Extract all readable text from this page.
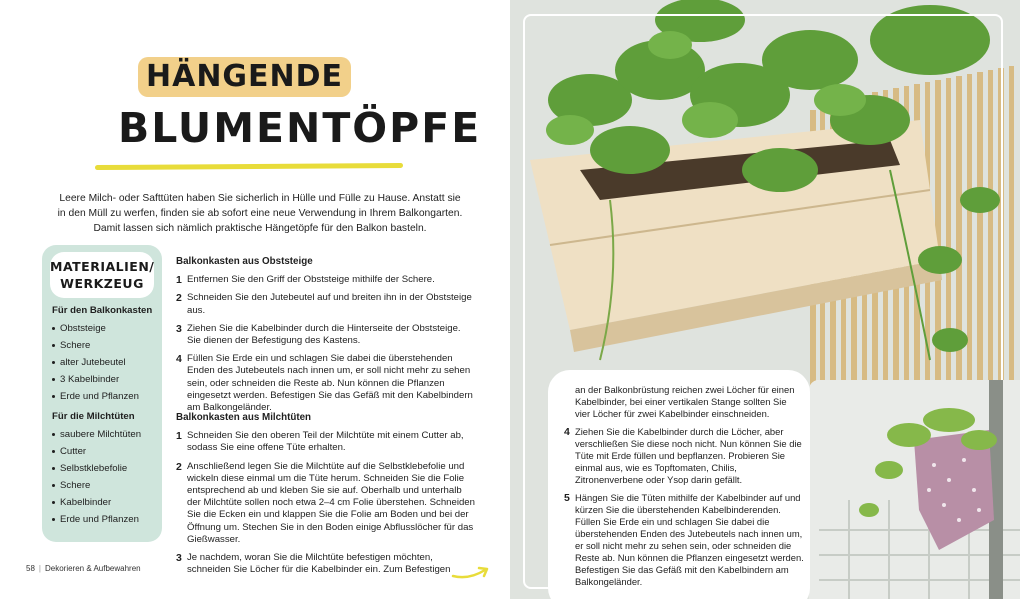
HÄNGENDE
BLUMENTÖPFE
Leere Milch- oder Safttüten haben Sie sicherlich in Hülle und Fülle zu Hause. Anstatt sie in den Müll zu werfen, finden sie ab sofort eine neue Verwendung in Ihrem Balkongarten. Damit lassen sich nämlich praktische Hängetöpfe für den Balkon basteln.
MATERIALIEN/
WERKZEUG
Für den Balkonkasten
Obststeige
Schere
alter Jutebeutel
3 Kabelbinder
Erde und Pflanzen
Für die Milchtüten
saubere Milchtüten
Cutter
Selbstklebefolie
Schere
Kabelbinder
Erde und Pflanzen
Balkonkasten aus Obststeige
1 Entfernen Sie den Griff der Obststeige mithilfe der Schere.
2 Schneiden Sie den Jutebeutel auf und breiten ihn in der Obststeige aus.
3 Ziehen Sie die Kabelbinder durch die Hinterseite der Obststeige. Sie dienen der Befestigung des Kastens.
4 Füllen Sie Erde ein und schlagen Sie dabei die überstehenden Enden des Jutebeutels nach innen um, er soll nicht mehr zu sehen sein, oder schneiden die Reste ab. Nun können die Pflanzen eingesetzt werden. Befestigen Sie das Gefäß mit den Kabelbindern am Balkongeländer.
Balkonkasten aus Milchtüten
1 Schneiden Sie den oberen Teil der Milchtüte mit einem Cutter ab, sodass Sie eine offene Tüte erhalten.
2 Anschließend legen Sie die Milchtüte auf die Selbstklebefolie und wickeln diese einmal um die Tüte herum. Schneiden Sie die Folie entsprechend ab und kleben Sie sie auf. Oberhalb und unterhalb der Milchtüte sollen noch etwa 2–4 cm Folie überstehen. Schneiden Sie die Ecken ein und klappen Sie die Folie am Boden und bei der Öffnung um. Stechen Sie in den Boden einige Abflusslöcher für das Gießwasser.
3 Je nachdem, woran Sie die Milchtüte befestigen möchten, schneiden Sie Löcher für die Kabelbinder ein. Zum Befestigen
58 | Dekorieren & Aufbewahren
an der Balkonbrüstung reichen zwei Löcher für einen Kabelbinder, bei einer vertikalen Stange sollten Sie vier Löcher für zwei Kabelbinder einschneiden.
4 Ziehen Sie die Kabelbinder durch die Löcher, aber verschließen Sie diese noch nicht. Nun können Sie die Tüte mit Erde füllen und bepflanzen. Probieren Sie einmal aus, wie es Topftomaten, Chilis, Zitronenverbene oder Ysop darin gefällt.
5 Hängen Sie die Tüten mithilfe der Kabelbinder auf und kürzen Sie die überstehenden Kabelbinderenden. Füllen Sie Erde ein und schlagen Sie dabei die überstehenden Enden des Jutebeutels nach innen um, er soll nicht mehr zu sehen sein, oder schneiden die Reste ab. Nun können die Pflanzen eingesetzt werden. Befestigen Sie das Gefäß mit den Kabelbindern am Balkongeländer.
